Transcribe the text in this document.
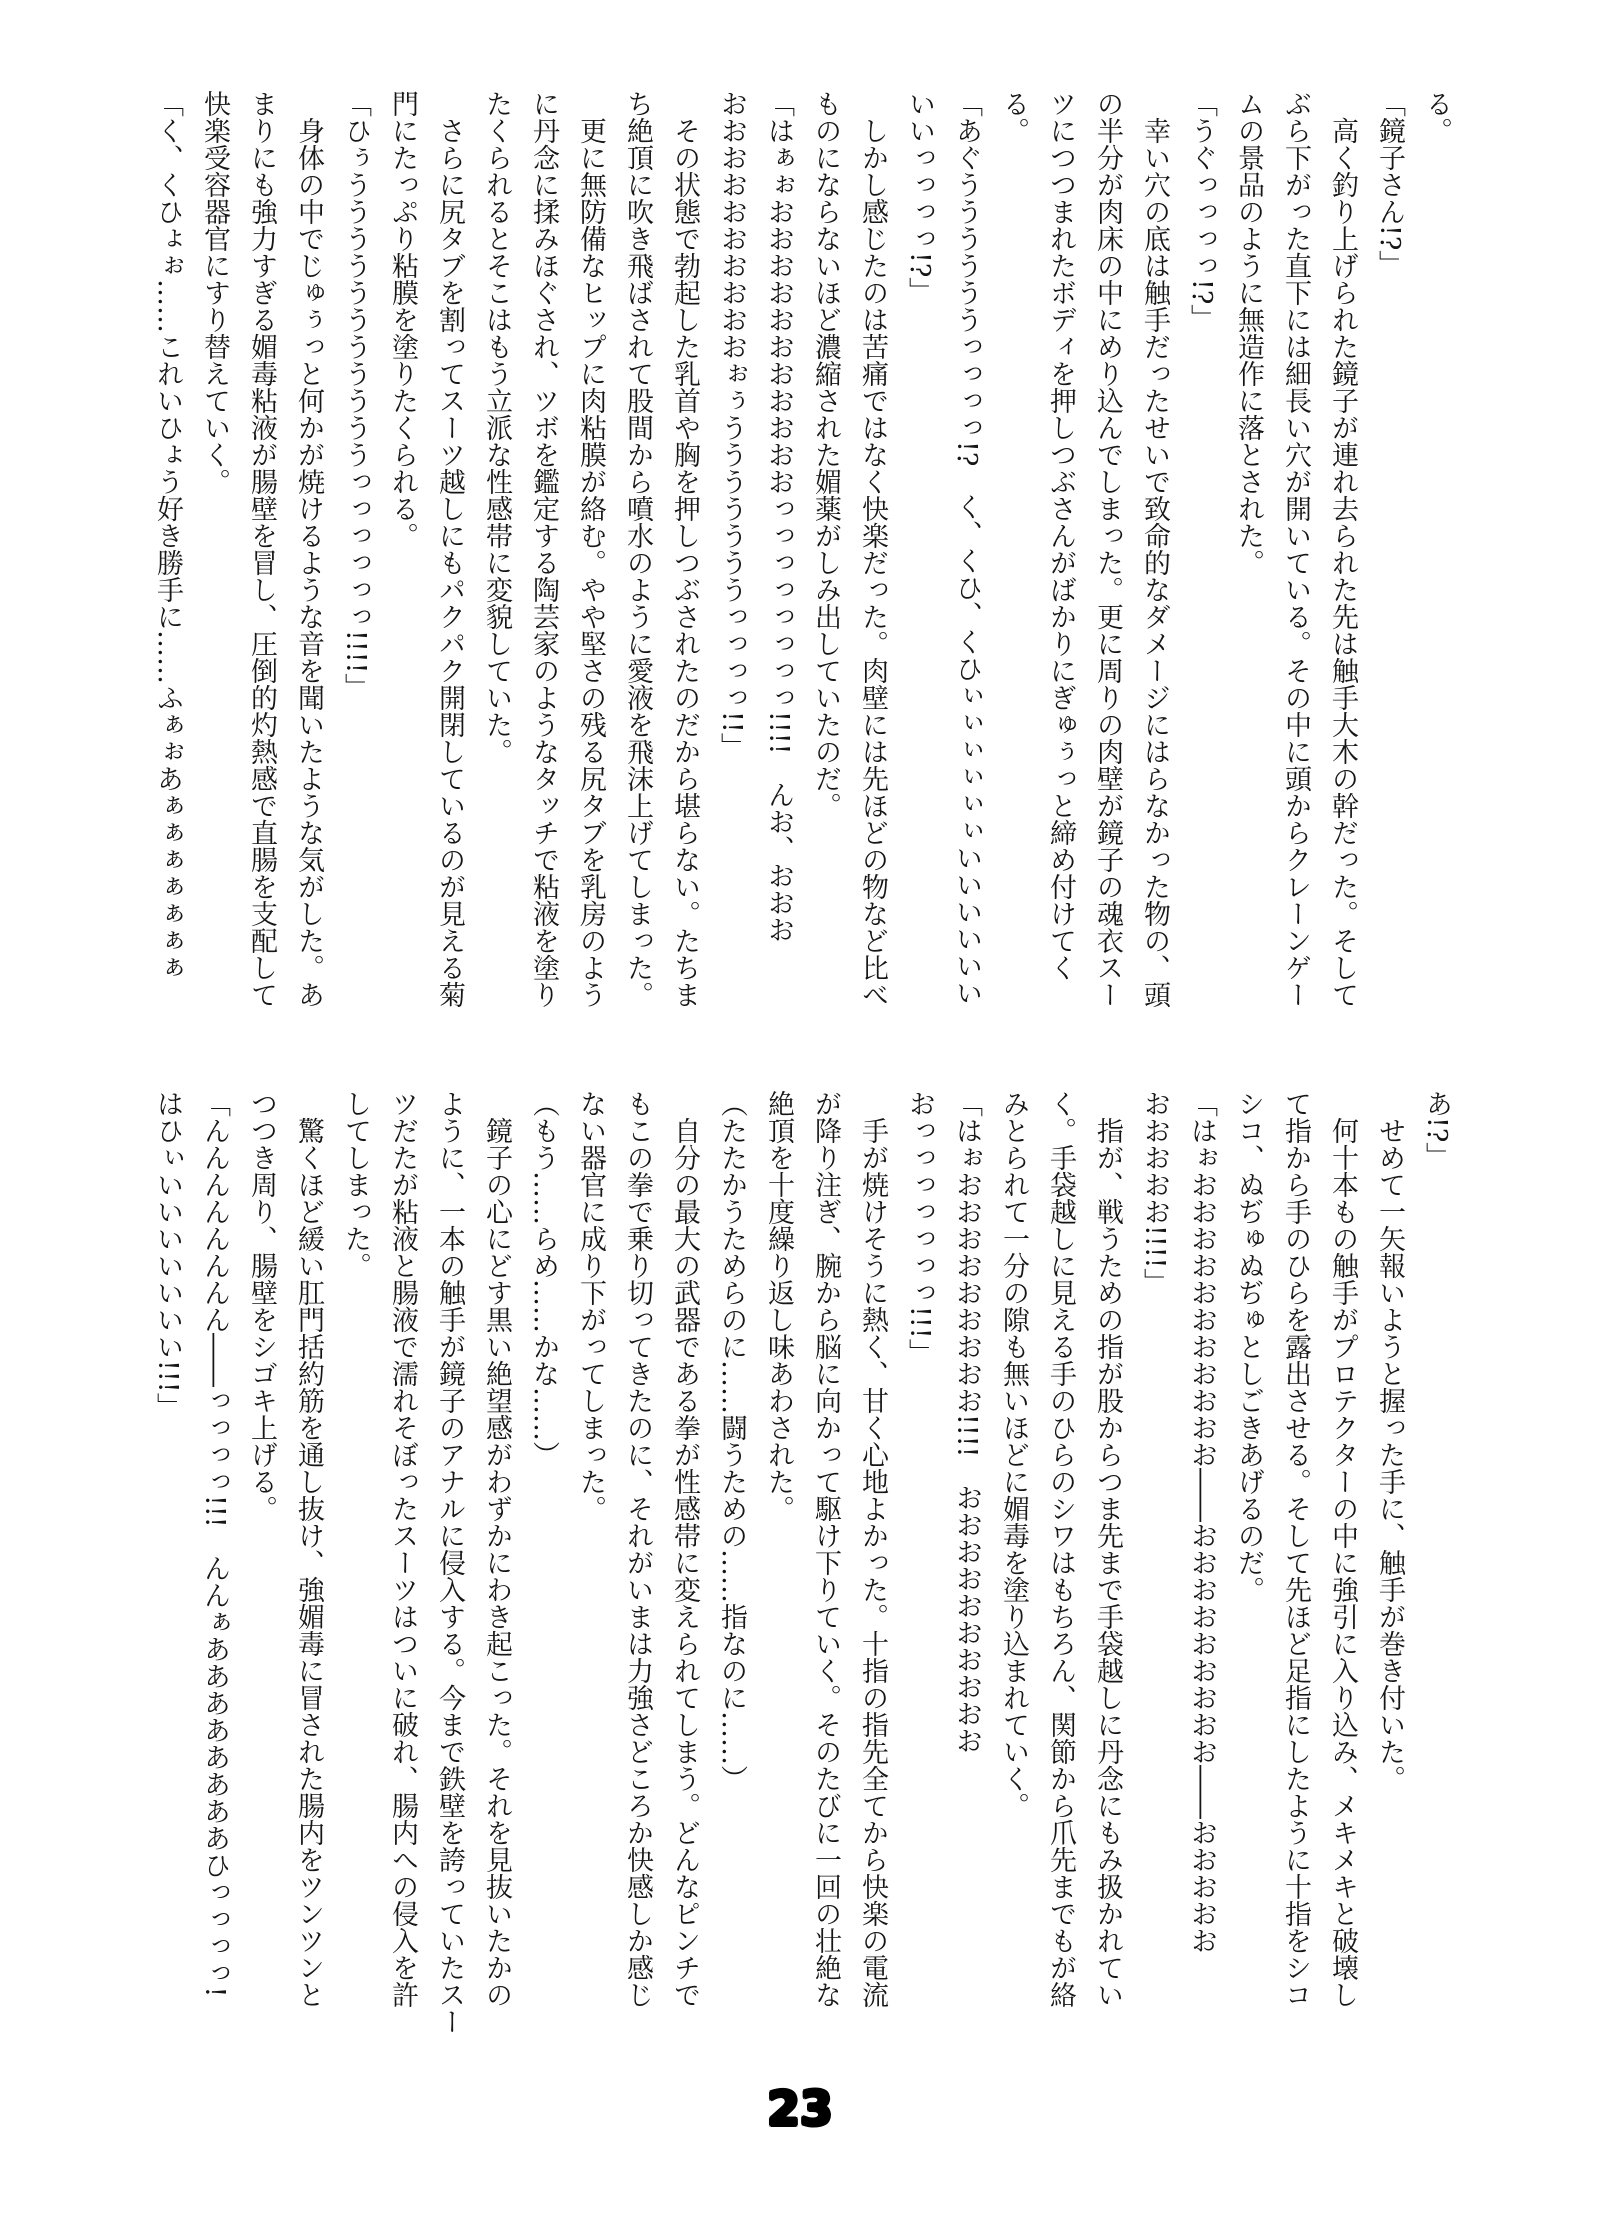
る。

「鏡子さん!?」

高く釣り上げられた鏡子が連れ去られた先は触手大木の幹だった。そして

ぶら下がった直下には細長い穴が開いている。その中に頭からクレーンゲー

ムの景品のように無造作に落とされた。

「うぐっっっっ!?」

幸い穴の底は触手だったせいで致命的なダメージにはらなかった物の、頭

の半分が肉床の中にめり込んでしまった。更に周りの肉壁が鏡子の魂衣スー

ツにつつまれたボディを押しつぶさんがばかりにぎゅぅっと締め付けてく

る。

「あぐううううううっっっっ!?　く、くひ、くひぃぃぃぃぃぃいいいいいい

いいっっっっ!?」

しかし感じたのは苦痛ではなく快楽だった。肉壁には先ほどの物など比べ

ものにならないほど濃縮された媚薬がしみ出していたのだ。

「はぁぉおおおおおおおおおおおっっっっっっっっ!!!!　んお、おおお

おおおおおおおおおおぉぅうううううううっっっっ!!」

その状態で勃起した乳首や胸を押しつぶされたのだから堪らない。たちま

ち絶頂に吹き飛ばされて股間から噴水のように愛液を飛沫上げてしまった。

更に無防備なヒップに肉粘膜が絡む。やや堅さの残る尻タブを乳房のよう

に丹念に揉みほぐされ、ツボを鑑定する陶芸家のようなタッチで粘液を塗り

たくられるとそこはもう立派な性感帯に変貌していた。

さらに尻タブを割ってスーツ越しにもパクパク開閉しているのが見える菊

門にたっぷり粘膜を塗りたくられる。

「ひぅうううううううううううっっっっっっ!!!!」

身体の中でじゅぅっと何かが焼けるような音を聞いたような気がした。あ

まりにも強力すぎる媚毒粘液が腸壁を冒し、圧倒的灼熱感で直腸を支配して

快楽受容器官にすり替えていく。

「く、くひょぉ……これいひょう好き勝手に……ふぁぉあぁぁぁぁぁぁぁ

あ!?」

せめて一矢報いようと握った手に、触手が巻き付いた。

何十本もの触手がプロテクターの中に強引に入り込み、メキメキと破壊し

て指から手のひらを露出させる。そして先ほど足指にしたように十指をシコ

シコ、ぬぢゅぬぢゅとしごきあげるのだ。

「はぉおおおおおおおおおおお――おおおおおおおおお――おおおおお

おおおおお!!!!」

指が、戦うための指が股からつま先まで手袋越しに丹念にもみ扱かれてい

く。手袋越しに見える手のひらのシワはもちろん、関節から爪先までもが絡

みとられて一分の隙も無いほどに媚毒を塗り込まれていく。

「はぉおおおおおおおおお!!!!　おおおおおおおおおお

おっっっっっっっ!!!」

手が焼けそうに熱く、甘く心地よかった。十指の指先全てから快楽の電流

が降り注ぎ、腕から脳に向かって駆け下りていく。そのたびに一回の壮絶な

絶頂を十度繰り返し味あわされた。

（たたかうためらのに……闘うための……指なのに……）

自分の最大の武器である拳が性感帯に変えられてしまう。どんなピンチで

もこの拳で乗り切ってきたのに、それがいまは力強さどころか快感しか感じ

ない器官に成り下がってしまった。

（もう……らめ……かな……）

鏡子の心にどす黒い絶望感がわずかにわき起こった。それを見抜いたかの

ように、一本の触手が鏡子のアナルに侵入する。今まで鉄壁を誇っていたスー

ツだたが粘液と腸液で濡れそぼったスーツはついに破れ、腸内への侵入を許

してしまった。

驚くほど緩い肛門括約筋を通し抜け、強媚毒に冒された腸内をツンツンと

つつき周り、腸壁をシゴキ上げる。

「んんんんんんんん――っっっっ!!!　んんぁああああああああひっっっっ!

はひぃいいいいいいい!!!」

23
